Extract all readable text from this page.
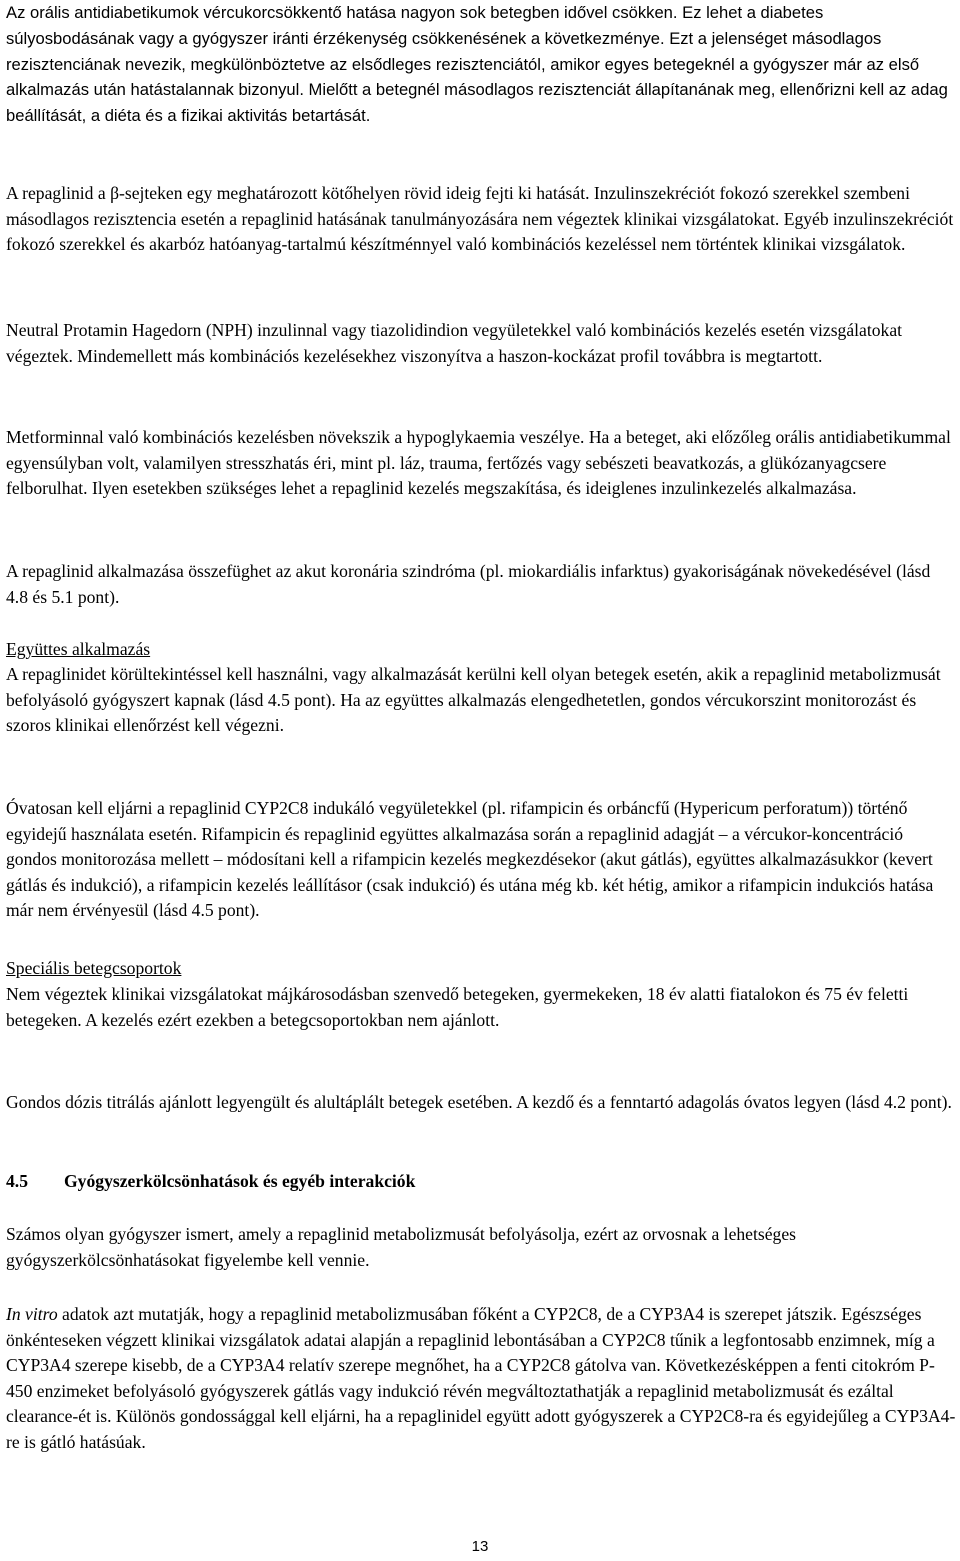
Az orális antidiabetikumok vércukorcsökkentő hatása nagyon sok betegben idővel csökken. Ez lehet a diabetes súlyosbodásának vagy a gyógyszer iránti érzékenység csökkenésének a következménye. Ezt a jelenséget másodlagos rezisztenciának nevezik, megkülönböztetve az elsődleges rezisztenciától, amikor egyes betegeknél a gyógyszer már az első alkalmazás után hatástalannak bizonyul. Mielőtt a betegnél másodlagos rezisztenciát állapítanának meg, ellenőrizni kell az adag beállítását, a diéta és a fizikai aktivitás betartását.

A repaglinid a β-sejteken egy meghatározott kötőhelyen rövid ideig fejti ki hatását. Inzulinszekréciót fokozó szerekkel szembeni másodlagos rezisztencia esetén a repaglinid hatásának tanulmányozására nem végeztek klinikai vizsgálatokat. Egyéb inzulinszekréciót fokozó szerekkel és akarbóz hatóanyag-tartalmú készítménnyel való kombinációs kezeléssel nem történtek klinikai vizsgálatok.

Neutral Protamin Hagedorn (NPH) inzulinnal vagy tiazolidindion vegyületekkel való kombinációs kezelés esetén vizsgálatokat végeztek. Mindemellett más kombinációs kezelésekhez viszonyítva a haszon-kockázat profil továbbra is megtartott.

Metforminnal való kombinációs kezelésben növekszik a hypoglykaemia veszélye. Ha a beteget, aki előzőleg orális antidiabetikummal egyensúlyban volt, valamilyen stresszhatás éri, mint pl. láz, trauma, fertőzés vagy sebészeti beavatkozás, a glükózanyagcsere felborulhat. Ilyen esetekben szükséges lehet a repaglinid kezelés megszakítása, és ideiglenes inzulinkezelés alkalmazása.

A repaglinid alkalmazása összefüghet az akut koronária szindróma (pl. miokardiális infarktus) gyakoriságának növekedésével (lásd 4.8 és 5.1 pont).

Együttes alkalmazás

A repaglinidet körültekintéssel kell használni, vagy alkalmazását kerülni kell olyan betegek esetén, akik a repaglinid metabolizmusát befolyásoló gyógyszert kapnak (lásd 4.5 pont). Ha az együttes alkalmazás elengedhetetlen, gondos vércukorszint monitorozást és szoros klinikai ellenőrzést kell végezni.

Óvatosan kell eljárni a repaglinid CYP2C8 indukáló vegyületekkel (pl. rifampicin és orbáncfű (Hypericum perforatum)) történő egyidejű használata esetén. Rifampicin és repaglinid együttes alkalmazása során a repaglinid adagját – a vércukor-koncentráció gondos monitorozása mellett – módosítani kell a rifampicin kezelés megkezdésekor (akut gátlás), együttes alkalmazásukkor (kevert gátlás és indukció), a rifampicin kezelés leállításor (csak indukció) és utána még kb. két hétig, amikor a rifampicin indukciós hatása már nem érvényesül (lásd 4.5 pont).

Speciális betegcsoportok

Nem végeztek klinikai vizsgálatokat májkárosodásban szenvedő betegeken, gyermekeken, 18 év alatti fiatalokon és 75 év feletti betegeken. A kezelés ezért ezekben a betegcsoportokban nem ajánlott.

Gondos dózis titrálás ajánlott legyengült és alultáplált betegek esetében. A kezdő és a fenntartó adagolás óvatos legyen (lásd 4.2 pont).

4.5 Gyógyszerkölcsönhatások és egyéb interakciók

Számos olyan gyógyszer ismert, amely a repaglinid metabolizmusát befolyásolja, ezért az orvosnak a lehetséges gyógyszerkölcsönhatásokat figyelembe kell vennie.

In vitro adatok azt mutatják, hogy a repaglinid metabolizmusában főként a CYP2C8, de a CYP3A4 is szerepet játszik. Egészséges önkénteseken végzett klinikai vizsgálatok adatai alapján a repaglinid lebontásában a CYP2C8 tűnik a legfontosabb enzimnek, míg a CYP3A4 szerepe kisebb, de a CYP3A4 relatív szerepe megnőhet, ha a CYP2C8 gátolva van. Következésképpen a fenti citokróm P-450 enzimeket befolyásoló gyógyszerek gátlás vagy indukció révén megváltoztathatják a repaglinid metabolizmusát és ezáltal clearance-ét is. Különös gondossággal kell eljárni, ha a repaglinidel együtt adott gyógyszerek a CYP2C8-ra és egyidejűleg a CYP3A4-re is gátló hatásúak.

13
